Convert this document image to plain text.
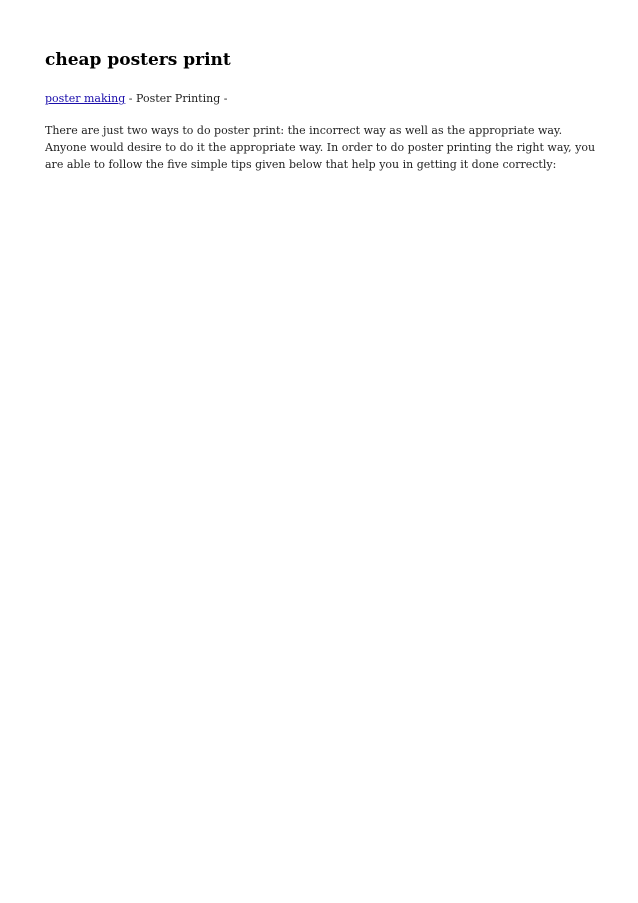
cheap posters print

poster making - Poster Printing -

There are just two ways to do poster print: the incorrect way as well as the appropriate way. Anyone would desire to do it the appropriate way. In order to do poster printing the right way, you are able to follow the five simple tips given below that help you in getting it done correctly:
